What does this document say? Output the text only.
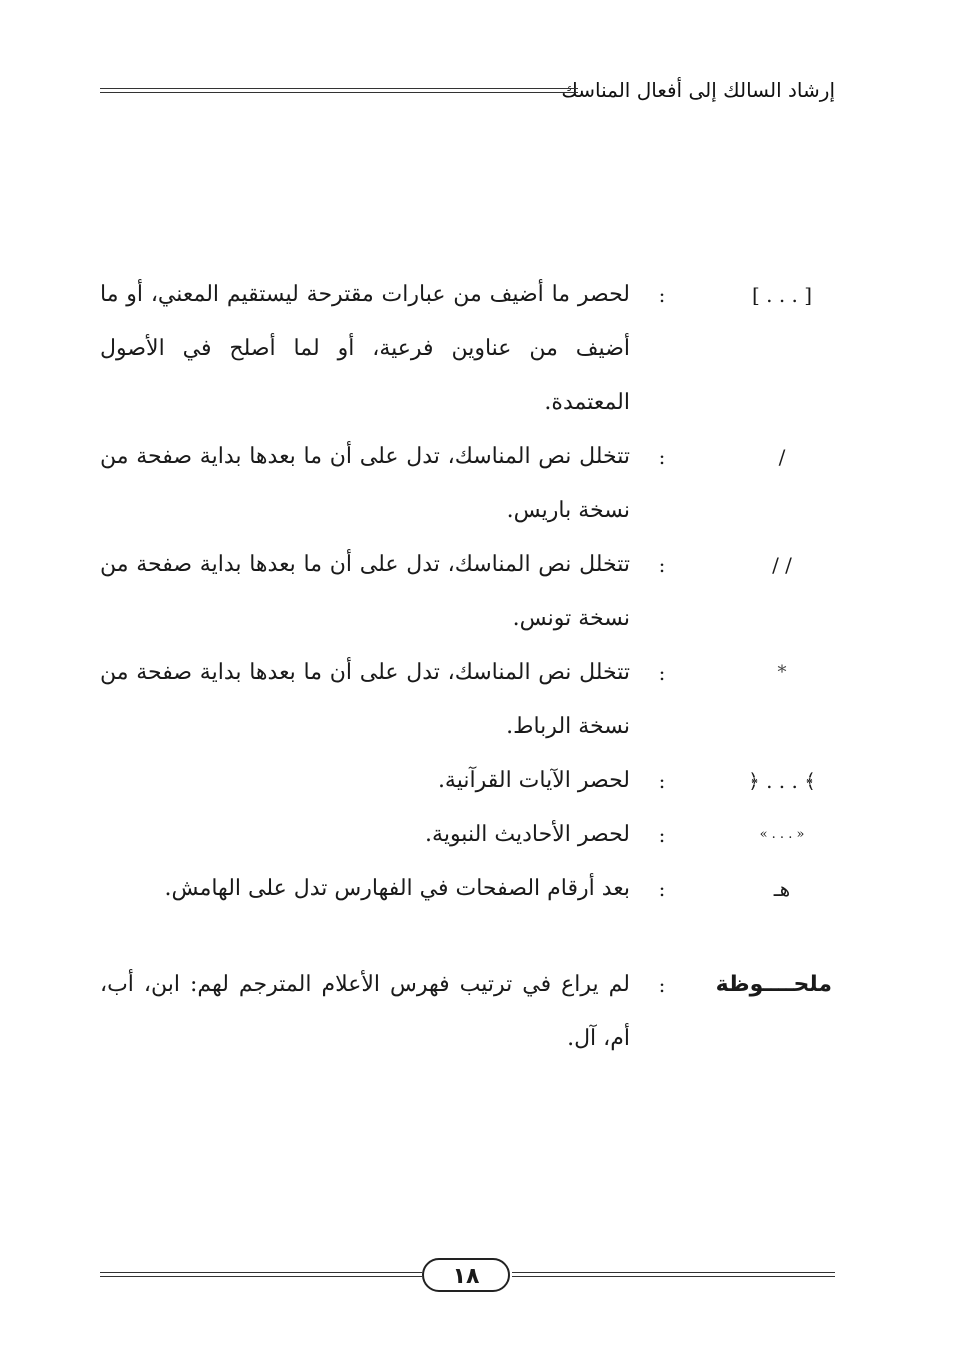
إرشاد السالك إلى أفعال المناسك
[ . . . ]
:
لحصر ما أضيف من عبارات مقترحة ليستقيم المعني، أو ما أضيف من عناوين فرعية، أو لما أصلح في الأصول المعتمدة.
/
:
تتخلل نص المناسك، تدل على أن ما بعدها بداية صفحة من نسخة باريس.
/ /
:
تتخلل نص المناسك، تدل على أن ما بعدها بداية صفحة من نسخة تونس.
*
:
تتخلل نص المناسك، تدل على أن ما بعدها بداية صفحة من نسخة الرباط.
﴿ . . . ﴾
:
لحصر الآيات القرآنية.
« . . . »
:
لحصر الأحاديث النبوية.
هـ
:
بعد أرقام الصفحات في الفهارس تدل على الهامش.
ملحــــوظة
:
لم يراع في ترتيب فهرس الأعلام المترجم لهم: ابن، أب، أم، آل.
١٨
